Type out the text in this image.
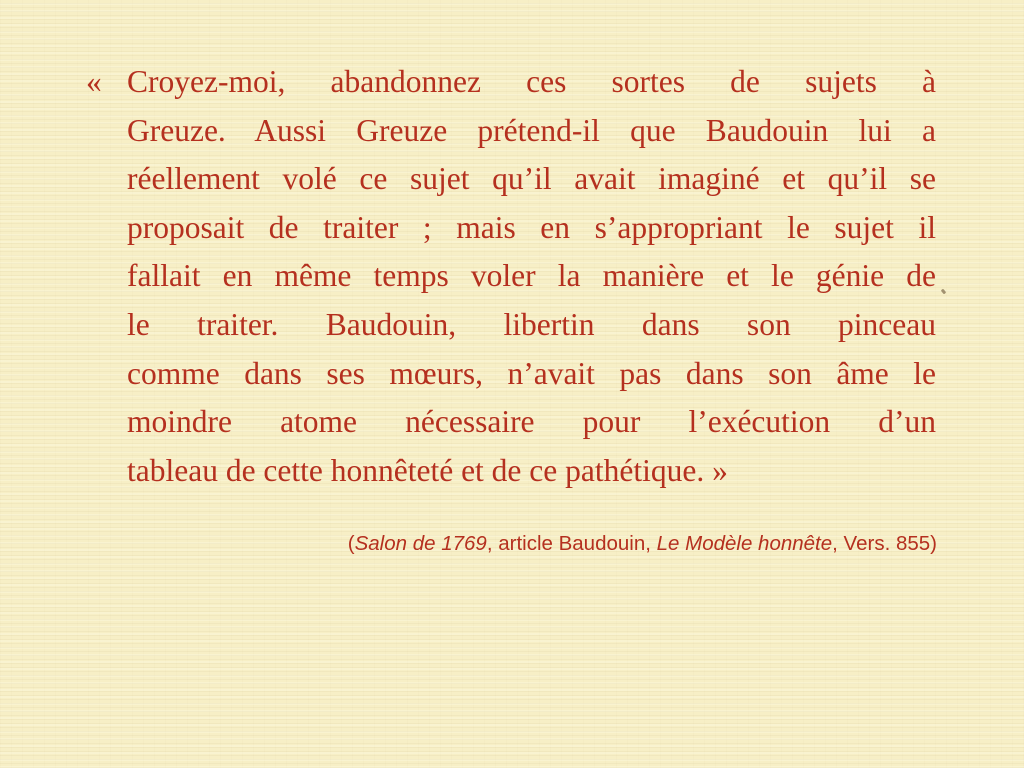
« Croyez-moi, abandonnez ces sortes de sujets à
Greuze. Aussi Greuze prétend-il que Baudouin lui a
réellement volé ce sujet qu’il avait imaginé et qu’il se
proposait de traiter ; mais en s’appropriant le sujet il
fallait en même temps voler la manière et le génie de
le traiter. Baudouin, libertin dans son pinceau
comme dans ses mœurs, n’avait pas dans son âme le
moindre atome nécessaire pour l’exécution d’un
tableau de cette honnêteté et de ce pathétique. »
(Salon de 1769, article Baudouin, Le Modèle honnête, Vers. 855)
